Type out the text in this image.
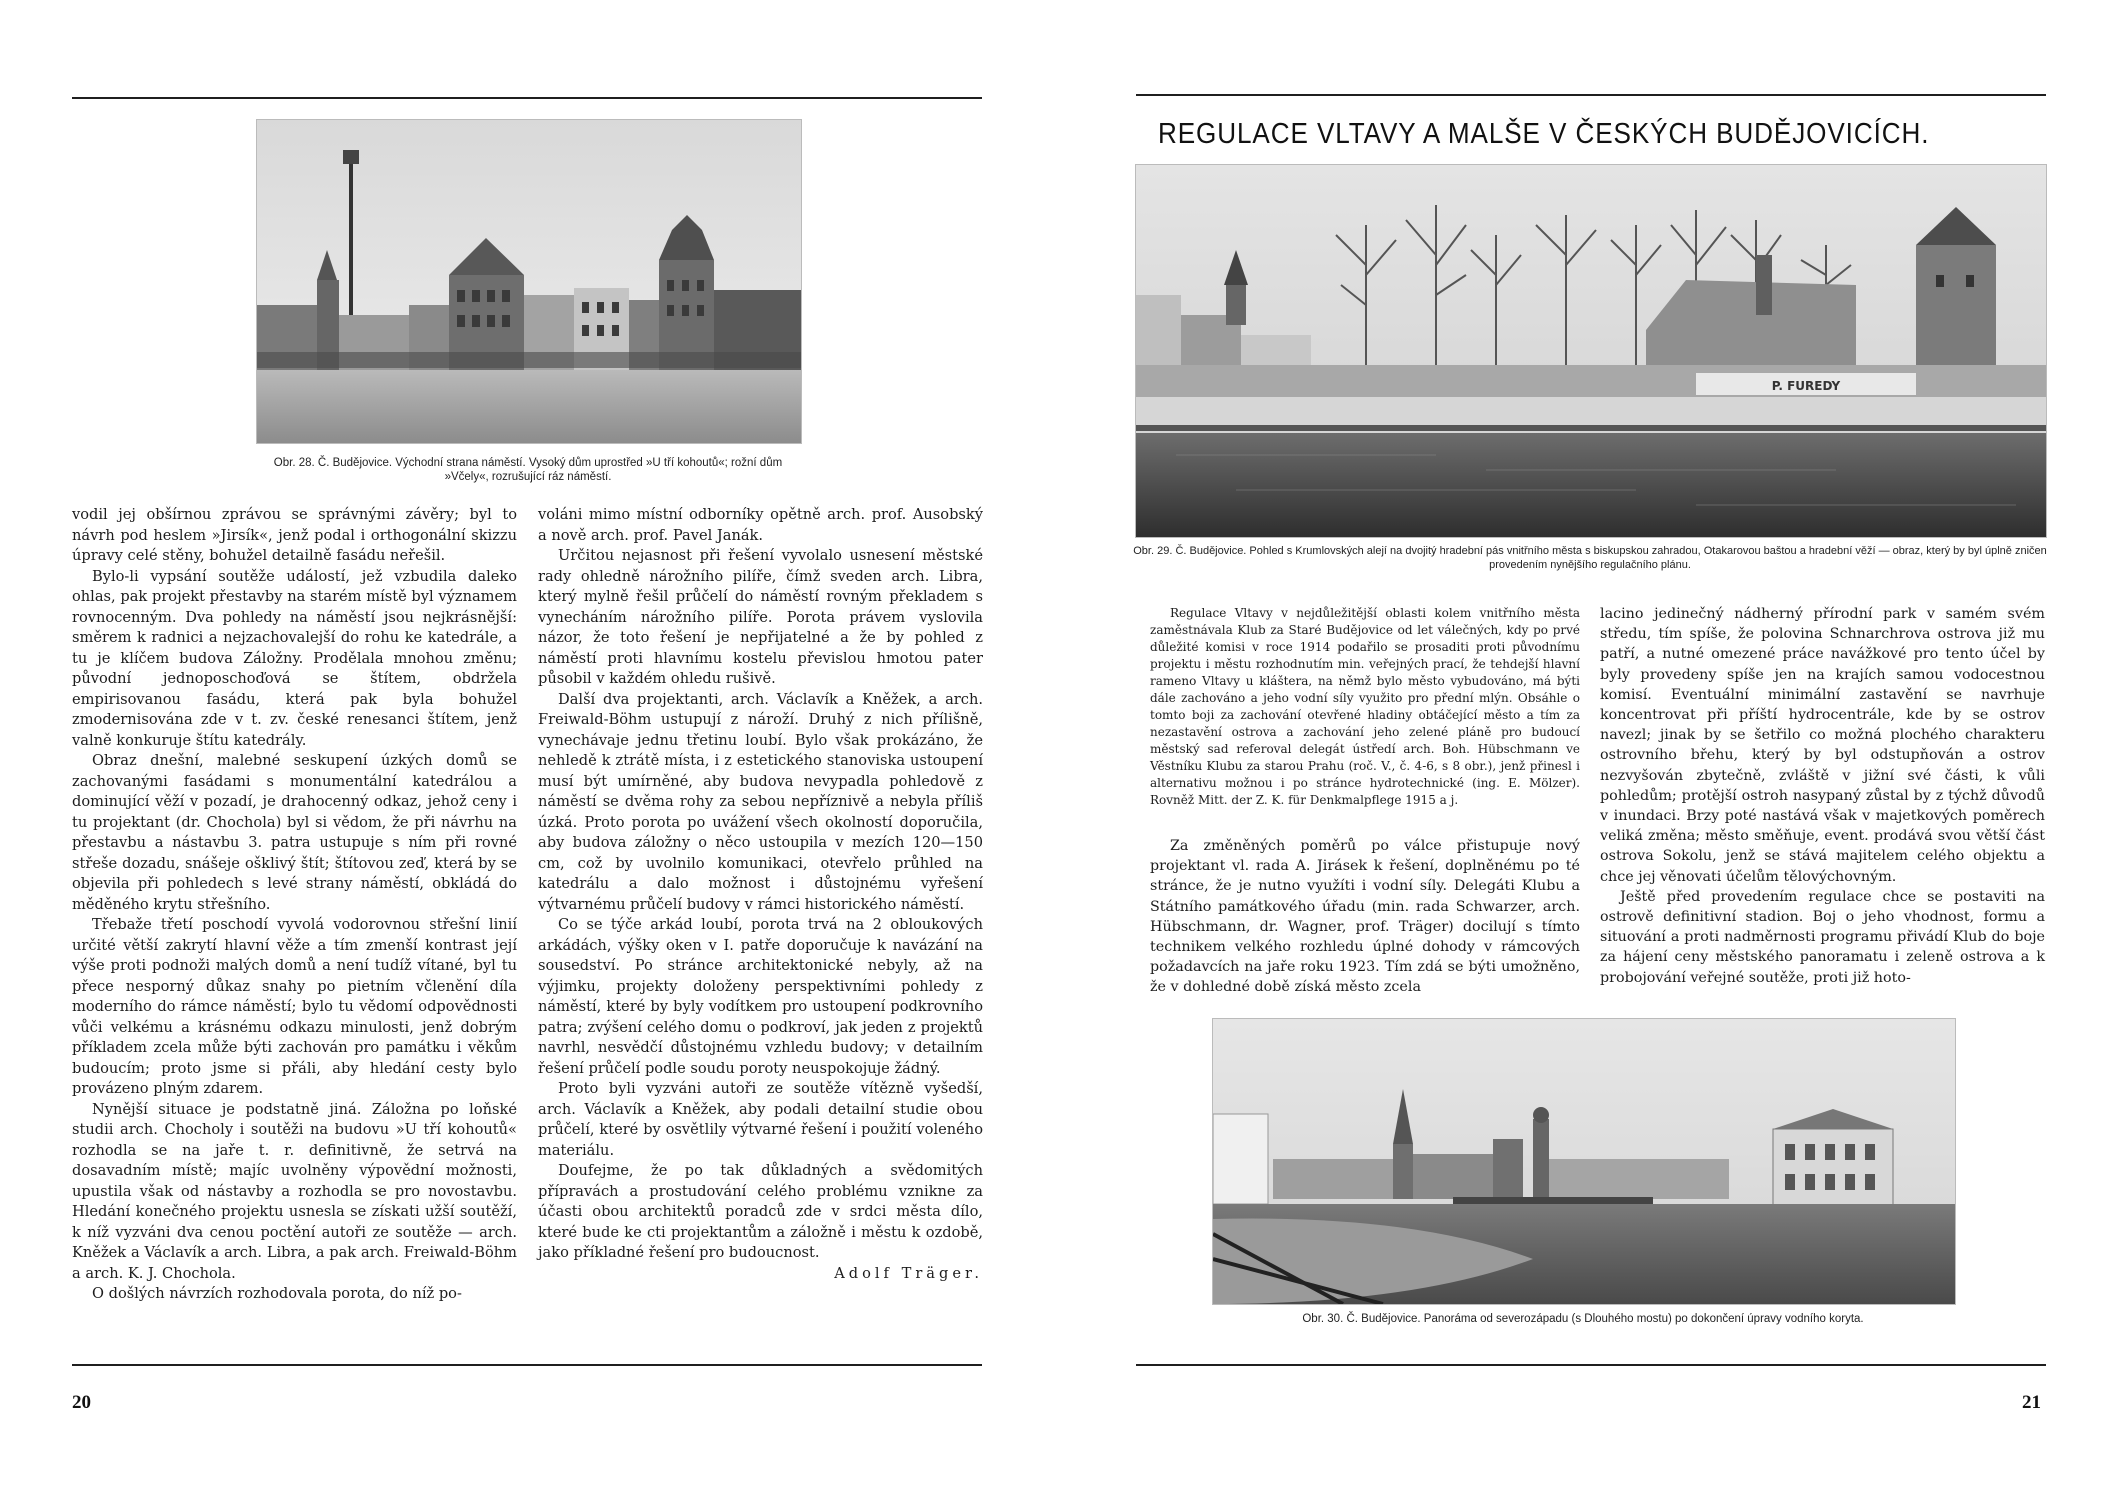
Obr. 28. Č. Budějovice. Východní strana náměstí. Vysoký dům uprostřed »U tří kohoutů«; rožní dům »Včely«, rozrušující ráz náměstí.

vodil jej obšírnou zprávou se správnými závěry; byl to návrh pod heslem »Jirsík«, jenž podal i orthogonální skizzu úpravy celé stěny, bohužel detailně fasádu neřešil.

Bylo-li vypsání soutěže událostí, jež vzbudila daleko ohlas, pak projekt přestavby na starém místě byl významem rovnocenným. Dva pohledy na náměstí jsou nejkrásnější: směrem k radnici a nejzachovalejší do rohu ke katedrále, a tu je klíčem budova Záložny. Prodělala mnohou změnu; původní jednoposchoďová se štítem, obdržela empirisovanou fasádu, která pak byla bohužel zmodernisována zde v t. zv. české renesanci štítem, jenž valně konkuruje štítu katedrály.

Obraz dnešní, malebné seskupení úzkých domů se zachovanými fasádami s monumentální katedrálou a dominující věží v pozadí, je drahocenný odkaz, jehož ceny i tu projektant (dr. Chochola) byl si vědom, že při návrhu na přestavbu a nástavbu 3. patra ustupuje s ním při rovné střeše dozadu, snášeje ošklivý štít; štítovou zeď, která by se objevila při pohledech s levé strany náměstí, obkládá do měděného krytu střešního.

Třebaže třetí poschodí vyvolá vodorovnou střešní linií určité větší zakrytí hlavní věže a tím zmenší kontrast její výše proti podnoži malých domů a není tudíž vítané, byl tu přece nesporný důkaz snahy po pietním včlenění díla moderního do rámce náměstí; bylo tu vědomí odpovědnosti vůči velkému a krásnému odkazu minulosti, jenž dobrým příkladem zcela může býti zachován pro památku i věkům budoucím; proto jsme si přáli, aby hledání cesty bylo provázeno plným zdarem.

Nynější situace je podstatně jiná. Záložna po loňské studii arch. Chocholy i soutěži na budovu »U tří kohoutů« rozhodla se na jaře t. r. definitivně, že setrvá na dosavadním místě; majíc uvolněny výpovědní možnosti, upustila však od nástavby a rozhodla se pro novostavbu. Hledání konečného projektu usnesla se získati užší soutěží, k níž vyzváni dva cenou poctění autoři ze soutěže — arch. Kněžek a Václavík a arch. Libra, a pak arch. Freiwald-Böhm a arch. K. J. Chochola.

O došlých návrzích rozhodovala porota, do níž po-

voláni mimo místní odborníky opětně arch. prof. Ausobský a nově arch. prof. Pavel Janák.

Určitou nejasnost při řešení vyvolalo usnesení městské rady ohledně nárožního pilíře, čímž sveden arch. Libra, který mylně řešil průčelí do náměstí rovným překladem s vynecháním nárožního pilíře. Porota právem vyslovila názor, že toto řešení je nepřijatelné a že by pohled z náměstí proti hlavnímu kostelu převislou hmotou pater působil v každém ohledu rušivě.

Další dva projektanti, arch. Václavík a Kněžek, a arch. Freiwald-Böhm ustupují z nároží. Druhý z nich přílišně, vynechávaje jednu třetinu loubí. Bylo však prokázáno, že nehledě k ztrátě místa, i z estetického stanoviska ustoupení musí být umírněné, aby budova nevypadla pohledově z náměstí se dvěma rohy za sebou nepříznivě a nebyla příliš úzká. Proto porota po uvážení všech okolností doporučila, aby budova záložny o něco ustoupila v mezích 120—150 cm, což by uvolnilo komunikaci, otevřelo průhled na katedrálu a dalo možnost i důstojnému vyřešení výtvarnému průčelí budovy v rámci historického náměstí.

Co se týče arkád loubí, porota trvá na 2 obloukových arkádách, výšky oken v I. patře doporučuje k navázání na sousedství. Po stránce architektonické nebyly, až na výjimku, projekty doloženy perspektivními pohledy z náměstí, které by byly vodítkem pro ustoupení podkrovního patra; zvýšení celého domu o podkroví, jak jeden z projektů navrhl, nesvědčí důstojnému vzhledu budovy; v detailním řešení průčelí podle soudu poroty neuspokojuje žádný.

Proto byli vyzváni autoři ze soutěže vítězně vyšedší, arch. Václavík a Kněžek, aby podali detailní studie obou průčelí, které by osvětlily výtvarné řešení i použití voleného materiálu.

Doufejme, že po tak důkladných a svědomitých přípravách a prostudování celého problému vznikne za účasti obou architektů poradců zde v srdci města dílo, které bude ke cti projektantům a záložně i městu k ozdobě, jako příkladné řešení pro budoucnost.

Adolf Träger.

20
REGULACE VLTAVY A MALŠE V ČESKÝCH BUDĚJOVICÍCH.
P. FUREDY
Obr. 29. Č. Budějovice. Pohled s Krumlovských alejí na dvojitý hradební pás vnitřního města s biskupskou zahradou, Otakarovou baštou a hradební věží — obraz, který by byl úplně zničen provedením nynějšího regulačního plánu.

Regulace Vltavy v nejdůležitější oblasti kolem vnitřního města zaměstnávala Klub za Staré Budějovice od let válečných, kdy po prvé důležité komisi v roce 1914 podařilo se prosaditi proti původnímu projektu i městu rozhodnutím min. veřejných prací, že tehdejší hlavní rameno Vltavy u kláštera, na němž bylo město vybudováno, má býti dále zachováno a jeho vodní síly využito pro přední mlýn. Obsáhle o tomto boji za zachování otevřené hladiny obtáčející město a tím za nezastavění ostrova a zachování jeho zelené pláně pro budoucí městský sad referoval delegát ústředí arch. Boh. Hübschmann ve Věstníku Klubu za starou Prahu (roč. V., č. 4-6, s 8 obr.), jenž přinesl i alternativu možnou i po stránce hydrotechnické (ing. E. Mölzer). Rovněž Mitt. der Z. K. für Denkmalpflege 1915 a j.

Za změněných poměrů po válce přistupuje nový projektant vl. rada A. Jirásek k řešení, doplněnému po té stránce, že je nutno využíti i vodní síly. Delegáti Klubu a Státního památkového úřadu (min. rada Schwarzer, arch. Hübschmann, dr. Wagner, prof. Träger) docilují s tímto technikem velkého rozhledu úplné dohody v rámcových požadavcích na jaře roku 1923. Tím zdá se býti umožněno, že v dohledné době získá město zcela

lacino jedinečný nádherný přírodní park v samém svém středu, tím spíše, že polovina Schnarchrova ostrova již mu patří, a nutné omezené práce navážkové pro tento účel by byly provedeny spíše jen na krajích samou vodocestnou komisí. Eventuální minimální zastavění se navrhuje koncentrovat při příští hydrocentrále, kde by se ostrov navezl; jinak by se šetřilo co možná plochého charakteru ostrovního břehu, který by byl odstupňován a ostrov nezvyšován zbytečně, zvláště v jižní své části, k vůli pohledům; protější ostroh nasypaný zůstal by z týchž důvodů v inundaci. Brzy poté nastává však v majetkových poměrech veliká změna; město směňuje, event. prodává svou větší část ostrova Sokolu, jenž se stává majitelem celého objektu a chce jej věnovati účelům tělovýchovným.

Ještě před provedením regulace chce se postaviti na ostrově definitivní stadion. Boj o jeho vhodnost, formu a situování a proti nadměrnosti programu přivádí Klub do boje za hájení ceny městského panoramatu i zeleně ostrova a k probojování veřejné soutěže, proti již hoto-

Obr. 30. Č. Budějovice. Panoráma od severozápadu (s Dlouhého mostu) po dokončení úpravy vodního koryta.
21
